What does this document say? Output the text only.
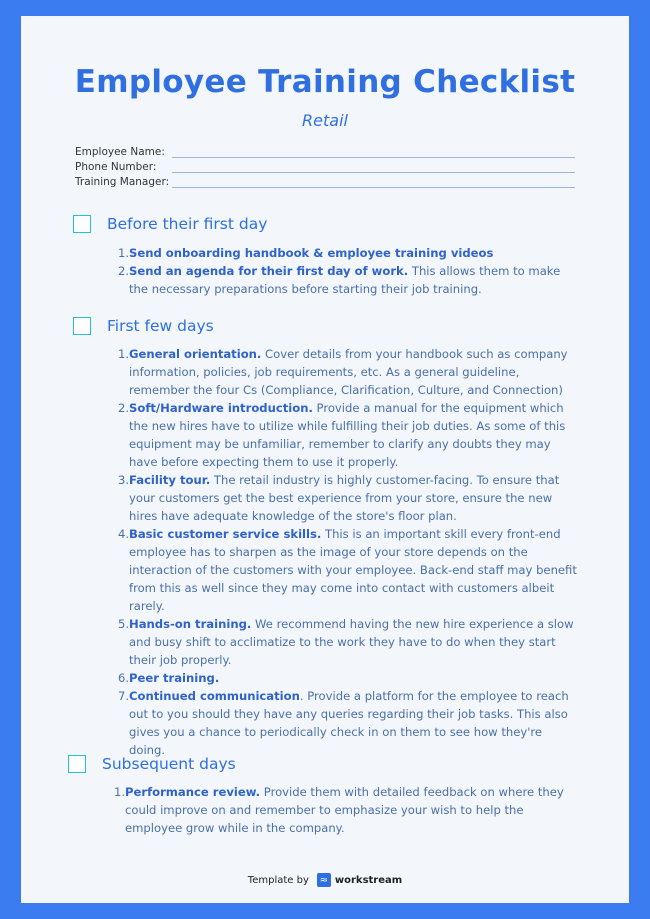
Employee Training Checklist
Retail
Employee Name:
Phone Number:
Training Manager:
Before their first day
1. Send onboarding handbook & employee training videos
2. Send an agenda for their first day of work. This allows them to make the necessary preparations before starting their job training.
First few days
1. General orientation. Cover details from your handbook such as company information, policies, job requirements, etc. As a general guideline, remember the four Cs (Compliance, Clarification, Culture, and Connection)
2. Soft/Hardware introduction. Provide a manual for the equipment which the new hires have to utilize while fulfilling their job duties. As some of this equipment may be unfamiliar, remember to clarify any doubts they may have before expecting them to use it properly.
3. Facility tour. The retail industry is highly customer-facing. To ensure that your customers get the best experience from your store, ensure the new hires have adequate knowledge of the store's floor plan.
4. Basic customer service skills. This is an important skill every front-end employee has to sharpen as the image of your store depends on the interaction of the customers with your employee. Back-end staff may benefit from this as well since they may come into contact with customers albeit rarely.
5. Hands-on training. We recommend having the new hire experience a slow and busy shift to acclimatize to the work they have to do when they start their job properly.
6. Peer training.
7. Continued communication. Provide a platform for the employee to reach out to you should they have any queries regarding their job tasks. This also gives you a chance to periodically check in on them to see how they're doing.
Subsequent days
1. Performance review. Provide them with detailed feedback on where they could improve on and remember to emphasize your wish to help the employee grow while in the company.
Template by ≈ workstream
